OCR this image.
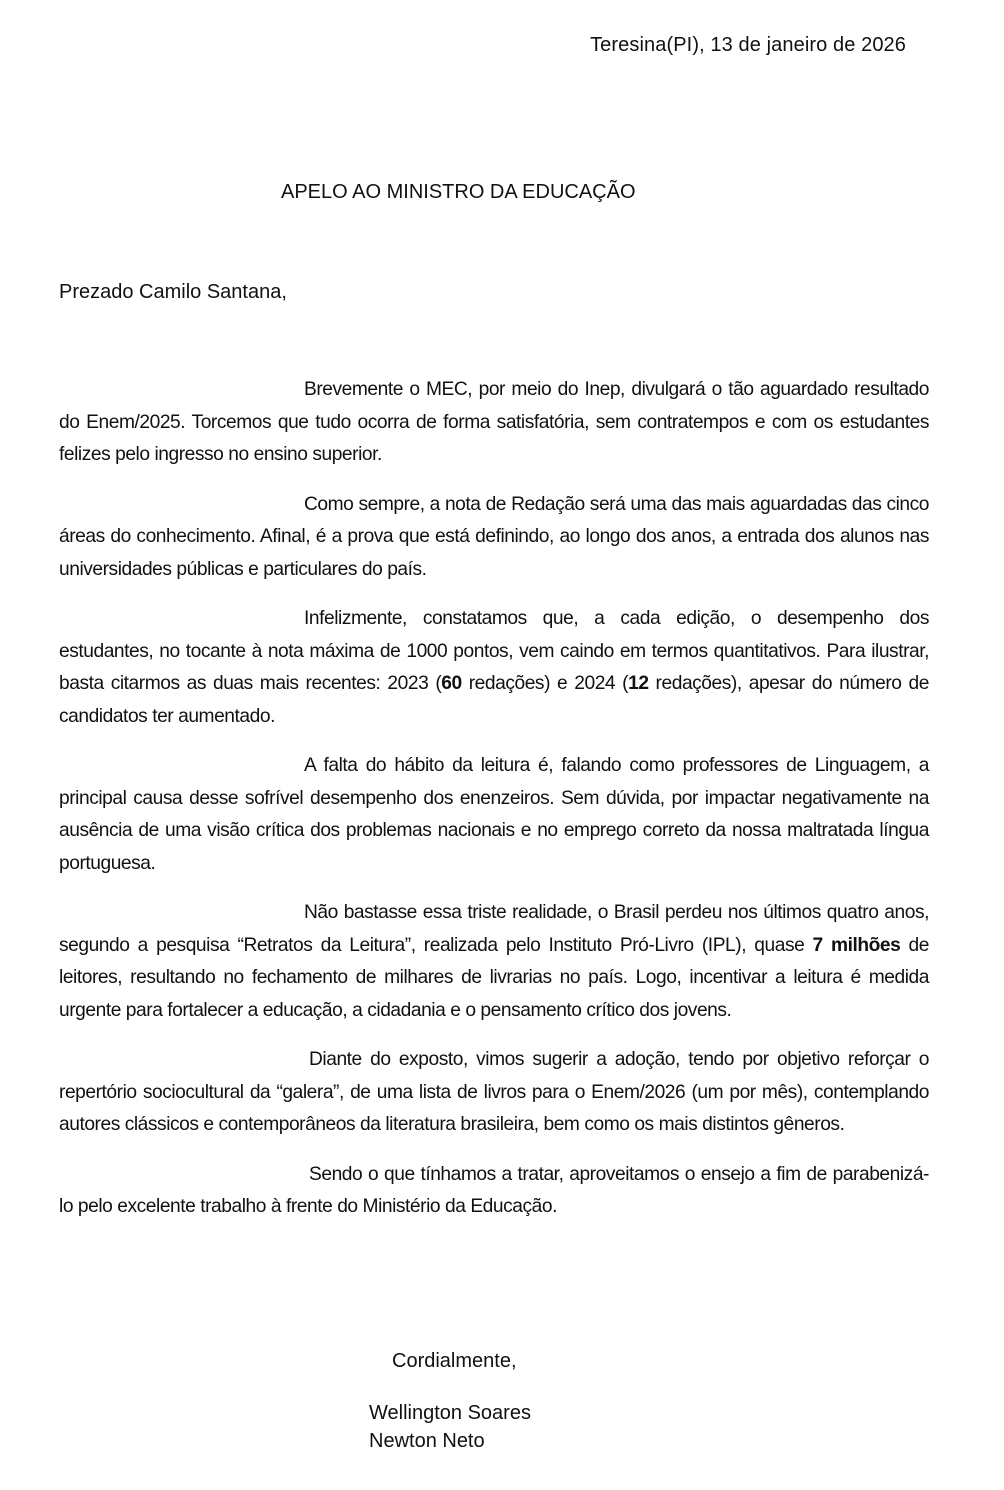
Teresina(PI), 13 de janeiro de 2026
APELO AO MINISTRO DA EDUCAÇÃO
Prezado Camilo Santana,

Brevemente o MEC, por meio do Inep, divulgará o tão aguardado resultado do Enem/2025. Torcemos que tudo ocorra de forma satisfatória, sem contratempos e com os estudantes felizes pelo ingresso no ensino superior.

Como sempre, a nota de Redação será uma das mais aguardadas das cinco áreas do conhecimento. Afinal, é a prova que está definindo, ao longo dos anos, a entrada dos alunos nas universidades públicas e particulares do país.

Infelizmente, constatamos que, a cada edição, o desempenho dos estudantes, no tocante à nota máxima de 1000 pontos, vem caindo em termos quantitativos. Para ilustrar, basta citarmos as duas mais recentes: 2023 (60 redações) e 2024 (12 redações), apesar do número de candidatos ter aumentado.

A falta do hábito da leitura é, falando como professores de Linguagem, a principal causa desse sofrível desempenho dos enenzeiros. Sem dúvida, por impactar negativamente na ausência de uma visão crítica dos problemas nacionais e no emprego correto da nossa maltratada língua portuguesa.

Não bastasse essa triste realidade, o Brasil perdeu nos últimos quatro anos, segundo a pesquisa “Retratos da Leitura”, realizada pelo Instituto Pró-Livro (IPL), quase 7 milhões de leitores, resultando no fechamento de milhares de livrarias no país. Logo, incentivar a leitura é medida urgente para fortalecer a educação, a cidadania e o pensamento crítico dos jovens.

Diante do exposto, vimos sugerir a adoção, tendo por objetivo reforçar o repertório sociocultural da “galera”, de uma lista de livros para o Enem/2026 (um por mês), contemplando autores clássicos e contemporâneos da literatura brasileira, bem como os mais distintos gêneros.

Sendo o que tínhamos a tratar, aproveitamos o ensejo a fim de parabenizá-lo pelo excelente trabalho à frente do Ministério da Educação.

Cordialmente,
Wellington Soares
Newton Neto
